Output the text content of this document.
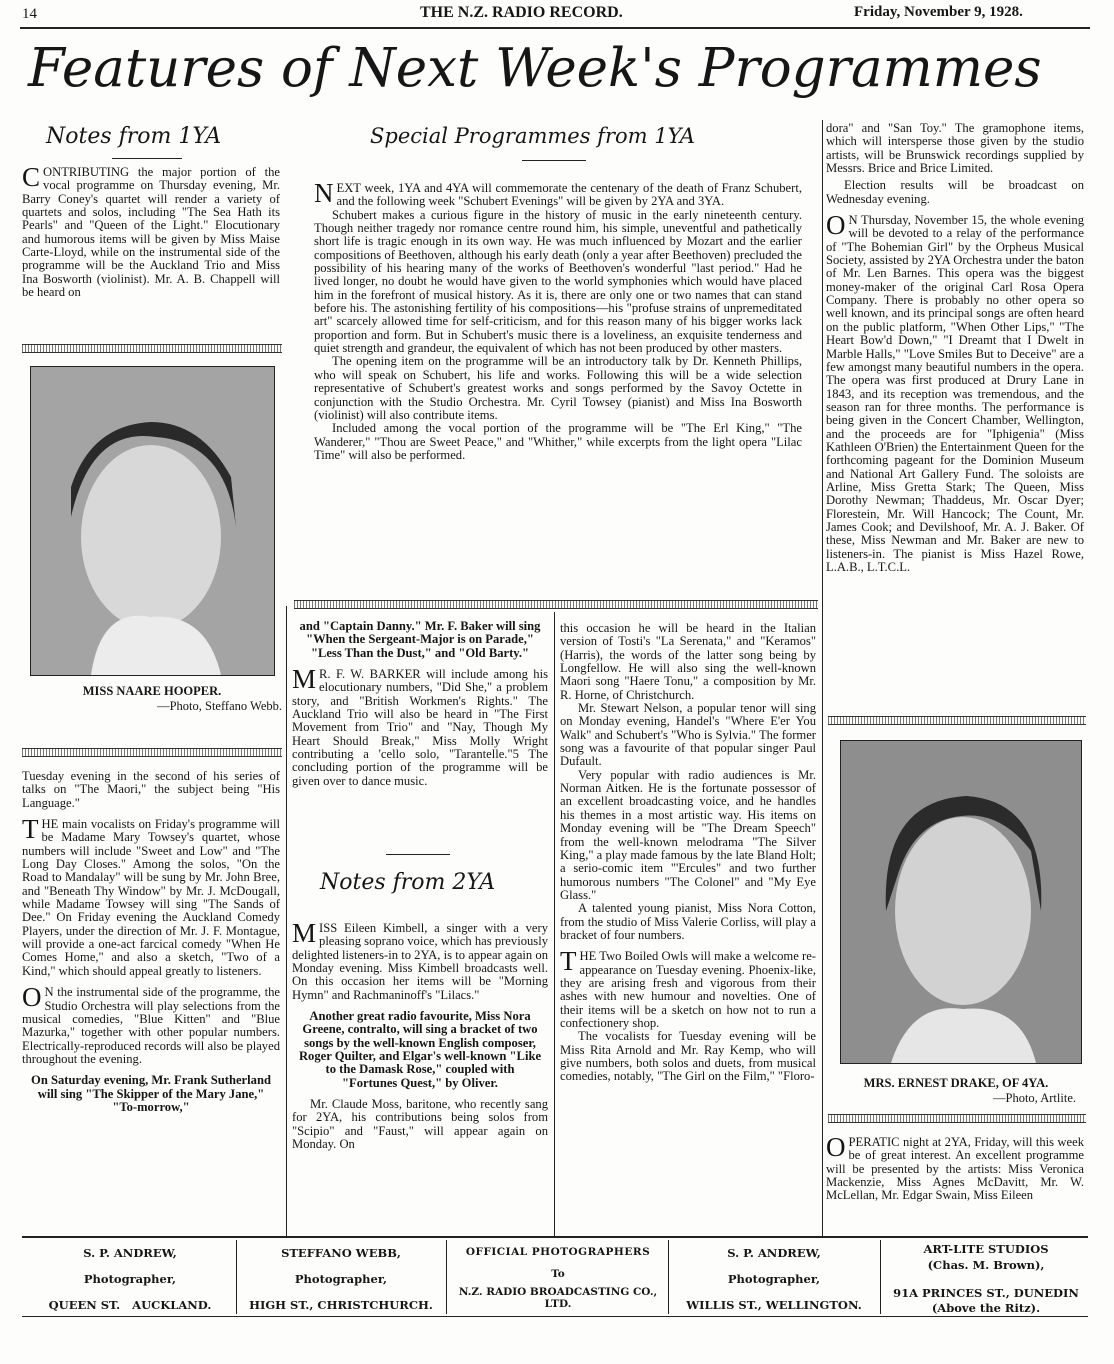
14	THE N.Z. RADIO RECORD.	Friday, November 9, 1928.
Features of Next Week's Programmes
Notes from 1YA

CONTRIBUTING the major portion of the vocal programme on Thursday evening, Mr. Barry Coney's quartet will render a variety of quartets and solos, including "The Sea Hath its Pearls" and "Queen of the Light." Elocutionary and humorous items will be given by Miss Maise Carte-Lloyd, while on the instrumental side of the programme will be the Auckland Trio and Miss Ina Bosworth (violinist). Mr. A. B. Chappell will be heard on

MISS NAARE HOOPER.
—Photo, Steffano Webb.

Tuesday evening in the second of his series of talks on "The Maori," the subject being "His Language."

THE main vocalists on Friday's programme will be Madame Mary Towsey's quartet, whose numbers will include "Sweet and Low" and "The Long Day Closes." Among the solos, "On the Road to Mandalay" will be sung by Mr. John Bree, and "Beneath Thy Window" by Mr. J. McDougall, while Madame Towsey will sing "The Sands of Dee." On Friday evening the Auckland Comedy Players, under the direction of Mr. J. F. Montague, will provide a one-act farcical comedy "When He Comes Home," and also a sketch, "Two of a Kind," which should appeal greatly to listeners.

ON the instrumental side of the programme, the Studio Orchestra will play selections from the musical comedies, "Blue Kitten" and "Blue Mazurka," together with other popular numbers. Electrically-reproduced records will also be played throughout the evening.

On Saturday evening, Mr. Frank Sutherland will sing "The Skipper of the Mary Jane," "To-morrow,"

Special Programmes from 1YA

NEXT week, 1YA and 4YA will commemorate the centenary of the death of Franz Schubert, and the following week "Schubert Evenings" will be given by 2YA and 3YA.

Schubert makes a curious figure in the history of music in the early nineteenth century. Though neither tragedy nor romance centre round him, his simple, uneventful and pathetically short life is tragic enough in its own way. He was much influenced by Mozart and the earlier compositions of Beethoven, although his early death (only a year after Beethoven) precluded the possibility of his hearing many of the works of Beethoven's wonderful "last period." Had he lived longer, no doubt he would have given to the world symphonies which would have placed him in the forefront of musical history. As it is, there are only one or two names that can stand before his. The astonishing fertility of his compositions—his "profuse strains of unpremeditated art" scarcely allowed time for self-criticism, and for this reason many of his bigger works lack proportion and form. But in Schubert's music there is a loveliness, an exquisite tenderness and quiet strength and grandeur, the equivalent of which has not been produced by other masters.

The opening item on the programme will be an introductory talk by Dr. Kenneth Phillips, who will speak on Schubert, his life and works. Following this will be a wide selection representative of Schubert's greatest works and songs performed by the Savoy Octette in conjunction with the Studio Orchestra. Mr. Cyril Towsey (pianist) and Miss Ina Bosworth (violinist) will also contribute items.

Included among the vocal portion of the programme will be "The Erl King," "The Wanderer," "Thou are Sweet Peace," and "Whither," while excerpts from the light opera "Lilac Time" will also be performed.

and "Captain Danny." Mr. F. Baker will sing "When the Sergeant-Major is on Parade," "Less Than the Dust," and "Old Barty."

MR. F. W. BARKER will include among his elocutionary numbers, "Did She," a problem story, and "British Workmen's Rights." The Auckland Trio will also be heard in "The First Movement from Trio" and "Nay, Though My Heart Should Break," Miss Molly Wright contributing a 'cello solo, "Tarantelle."5 The concluding portion of the programme will be given over to dance music.

Notes from 2YA

MISS Eileen Kimbell, a singer with a very pleasing soprano voice, which has previously delighted listeners-in to 2YA, is to appear again on Monday evening. Miss Kimbell broadcasts well. On this occasion her items will be "Morning Hymn" and Rachmaninoff's "Lilacs."

Another great radio favourite, Miss Nora Greene, contralto, will sing a bracket of two songs by the well-known English composer, Roger Quilter, and Elgar's well-known "Like to the Damask Rose," coupled with "Fortunes Quest," by Oliver.

Mr. Claude Moss, baritone, who recently sang for 2YA, his contributions being solos from "Scipio" and "Faust," will appear again on Monday. On

this occasion he will be heard in the Italian version of Tosti's "La Serenata," and "Keramos" (Harris), the words of the latter song being by Longfellow. He will also sing the well-known Maori song "Haere Tonu," a composition by Mr. R. Horne, of Christchurch.

Mr. Stewart Nelson, a popular tenor will sing on Monday evening, Handel's "Where E'er You Walk" and Schubert's "Who is Sylvia." The former song was a favourite of that popular singer Paul Dufault.

Very popular with radio audiences is Mr. Norman Aitken. He is the fortunate possessor of an excellent broadcasting voice, and he handles his themes in a most artistic way. His items on Monday evening will be "The Dream Speech" from the well-known melodrama "The Silver King," a play made famous by the late Bland Holt; a serio-comic item "'Ercules" and two further humorous numbers "The Colonel" and "My Eye Glass."

A talented young pianist, Miss Nora Cotton, from the studio of Miss Valerie Corliss, will play a bracket of four numbers.

THE Two Boiled Owls will make a welcome re-appearance on Tuesday evening. Phoenix-like, they are arising fresh and vigorous from their ashes with new humour and novelties. One of their items will be a sketch on how not to run a confectionery shop.

The vocalists for Tuesday evening will be Miss Rita Arnold and Mr. Ray Kemp, who will give numbers, both solos and duets, from musical comedies, notably, "The Girl on the Film," "Floro-

dora" and "San Toy." The gramophone items, which will intersperse those given by the studio artists, will be Brunswick recordings supplied by Messrs. Brice and Brice Limited.

Election results will be broadcast on Wednesday evening.

ON Thursday, November 15, the whole evening will be devoted to a relay of the performance of "The Bohemian Girl" by the Orpheus Musical Society, assisted by 2YA Orchestra under the baton of Mr. Len Barnes. This opera was the biggest money-maker of the original Carl Rosa Opera Company. There is probably no other opera so well known, and its principal songs are often heard on the public platform, "When Other Lips," "The Heart Bow'd Down," "I Dreamt that I Dwelt in Marble Halls," "Love Smiles But to Deceive" are a few amongst many beautiful numbers in the opera. The opera was first produced at Drury Lane in 1843, and its reception was tremendous, and the season ran for three months. The performance is being given in the Concert Chamber, Wellington, and the proceeds are for "Iphigenia" (Miss Kathleen O'Brien) the Entertainment Queen for the forthcoming pageant for the Dominion Museum and National Art Gallery Fund. The soloists are Arline, Miss Gretta Stark; The Queen, Miss Dorothy Newman; Thaddeus, Mr. Oscar Dyer; Florestein, Mr. Will Hancock; The Count, Mr. James Cook; and Devilshoof, Mr. A. J. Baker. Of these, Miss Newman and Mr. Baker are new to listeners-in. The pianist is Miss Hazel Rowe, L.A.B., L.T.C.L.

MRS. ERNEST DRAKE, OF 4YA.
—Photo, Artlite.

OPERATIC night at 2YA, Friday, will this week be of great interest. An excellent programme will be presented by the artists: Miss Veronica Mackenzie, Miss Agnes McDavitt, Mr. W. McLellan, Mr. Edgar Swain, Miss Eileen

S. P. ANDREW,
Photographer,
QUEEN ST.   AUCKLAND.
STEFFANO WEBB,
Photographer,
HIGH ST., CHRISTCHURCH.
OFFICIAL PHOTOGRAPHERS
To
N.Z. RADIO BROADCASTING CO., LTD.
S. P. ANDREW,
Photographer,
WILLIS ST., WELLINGTON.
ART-LITE STUDIOS
(Chas. M. Brown),
91A PRINCES ST., DUNEDIN
(Above the Ritz).
